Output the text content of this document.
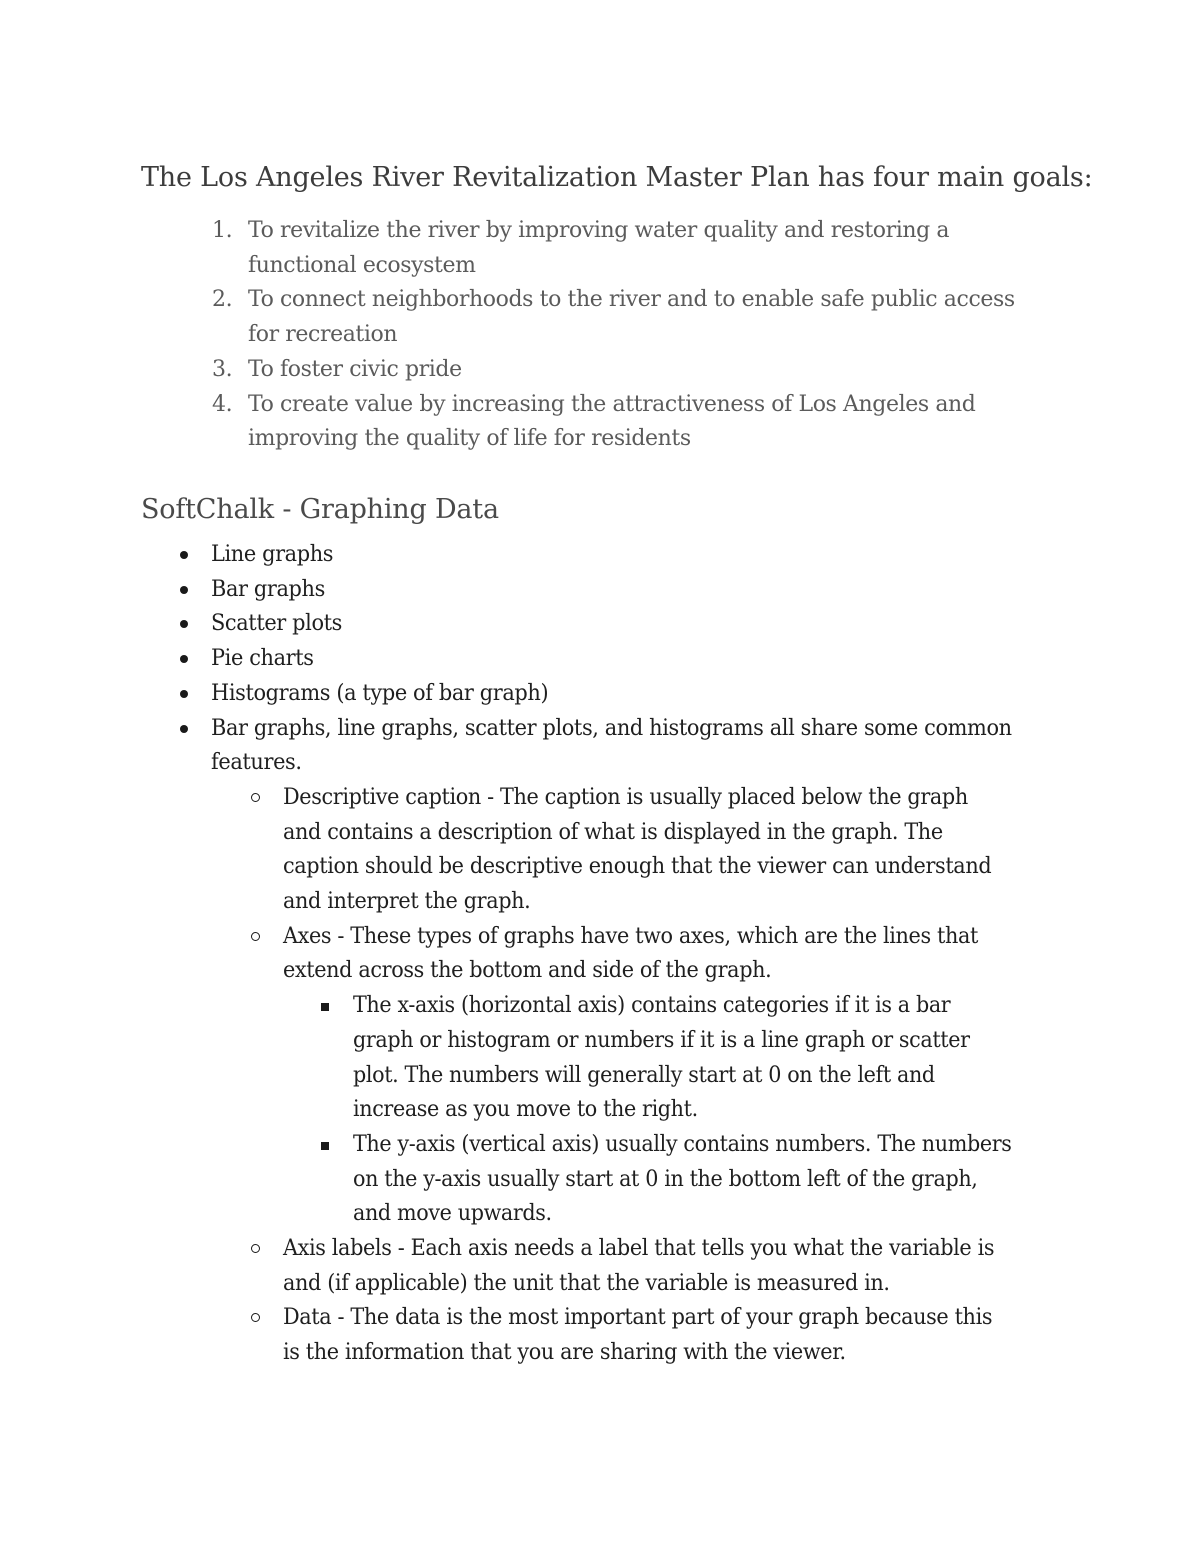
The Los Angeles River Revitalization Master Plan has four main goals:
1. To revitalize the river by improving water quality and restoring a
functional ecosystem
2. To connect neighborhoods to the river and to enable safe public access
for recreation
3. To foster civic pride
4. To create value by increasing the attractiveness of Los Angeles and
improving the quality of life for residents
SoftChalk - Graphing Data
Line graphs
Bar graphs
Scatter plots
Pie charts
Histograms (a type of bar graph)
Bar graphs, line graphs, scatter plots, and histograms all share some common
features.
Descriptive caption - The caption is usually placed below the graph
and contains a description of what is displayed in the graph. The
caption should be descriptive enough that the viewer can understand
and interpret the graph.
Axes - These types of graphs have two axes, which are the lines that
extend across the bottom and side of the graph.
The x-axis (horizontal axis) contains categories if it is a bar
graph or histogram or numbers if it is a line graph or scatter
plot. The numbers will generally start at 0 on the left and
increase as you move to the right.
The y-axis (vertical axis) usually contains numbers. The numbers
on the y-axis usually start at 0 in the bottom left of the graph,
and move upwards.
Axis labels - Each axis needs a label that tells you what the variable is
and (if applicable) the unit that the variable is measured in.
Data - The data is the most important part of your graph because this
is the information that you are sharing with the viewer.
